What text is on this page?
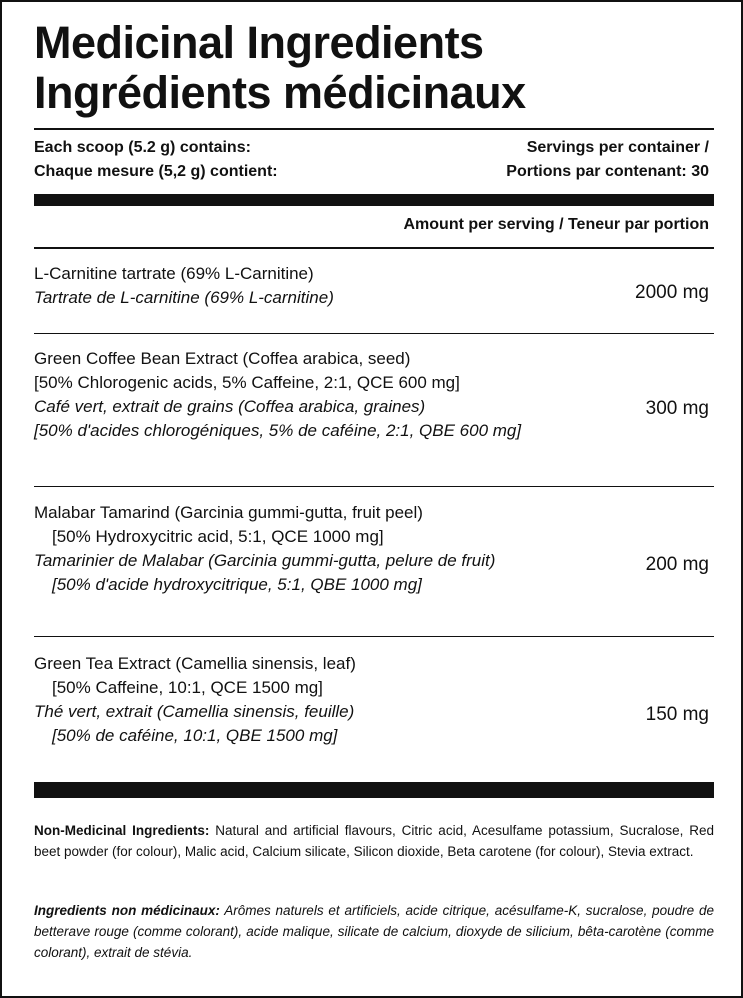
Medicinal Ingredients
Ingrédients médicinaux
Each scoop (5.2 g) contains:
Chaque mesure (5,2 g) contient:
Servings per container /
Portions par contenant: 30
Amount per serving / Teneur par portion
L-Carnitine tartrate (69% L-Carnitine)
Tartrate de L-carnitine (69% L-carnitine)	2000 mg
Green Coffee Bean Extract (Coffea arabica, seed)
[50% Chlorogenic acids, 5% Caffeine, 2:1, QCE 600 mg]
Café vert, extrait de grains (Coffea arabica, graines)
[50% d'acides chlorogéniques, 5% de caféine, 2:1, QBE 600 mg]
300 mg
Malabar Tamarind (Garcinia gummi-gutta, fruit peel)
[50% Hydroxycitric acid, 5:1, QCE 1000 mg]
Tamarinier de Malabar (Garcinia gummi-gutta, pelure de fruit)
[50% d'acide hydroxycitrique, 5:1, QBE 1000 mg]
200 mg
Green Tea Extract (Camellia sinensis, leaf)
[50% Caffeine, 10:1, QCE 1500 mg]
Thé vert, extrait (Camellia sinensis, feuille)
[50% de caféine, 10:1, QBE 1500 mg]
150 mg
Non-Medicinal Ingredients: Natural and artificial flavours, Citric acid, Acesulfame potassium, Sucralose, Red beet powder (for colour), Malic acid, Calcium silicate, Silicon dioxide, Beta carotene (for colour), Stevia extract.
Ingredients non médicinaux: Arômes naturels et artificiels, acide citrique, acésulfame-K, sucralose, poudre de betterave rouge (comme colorant), acide malique, silicate de calcium, dioxyde de silicium, bêta-carotène (comme colorant), extrait de stévia.
